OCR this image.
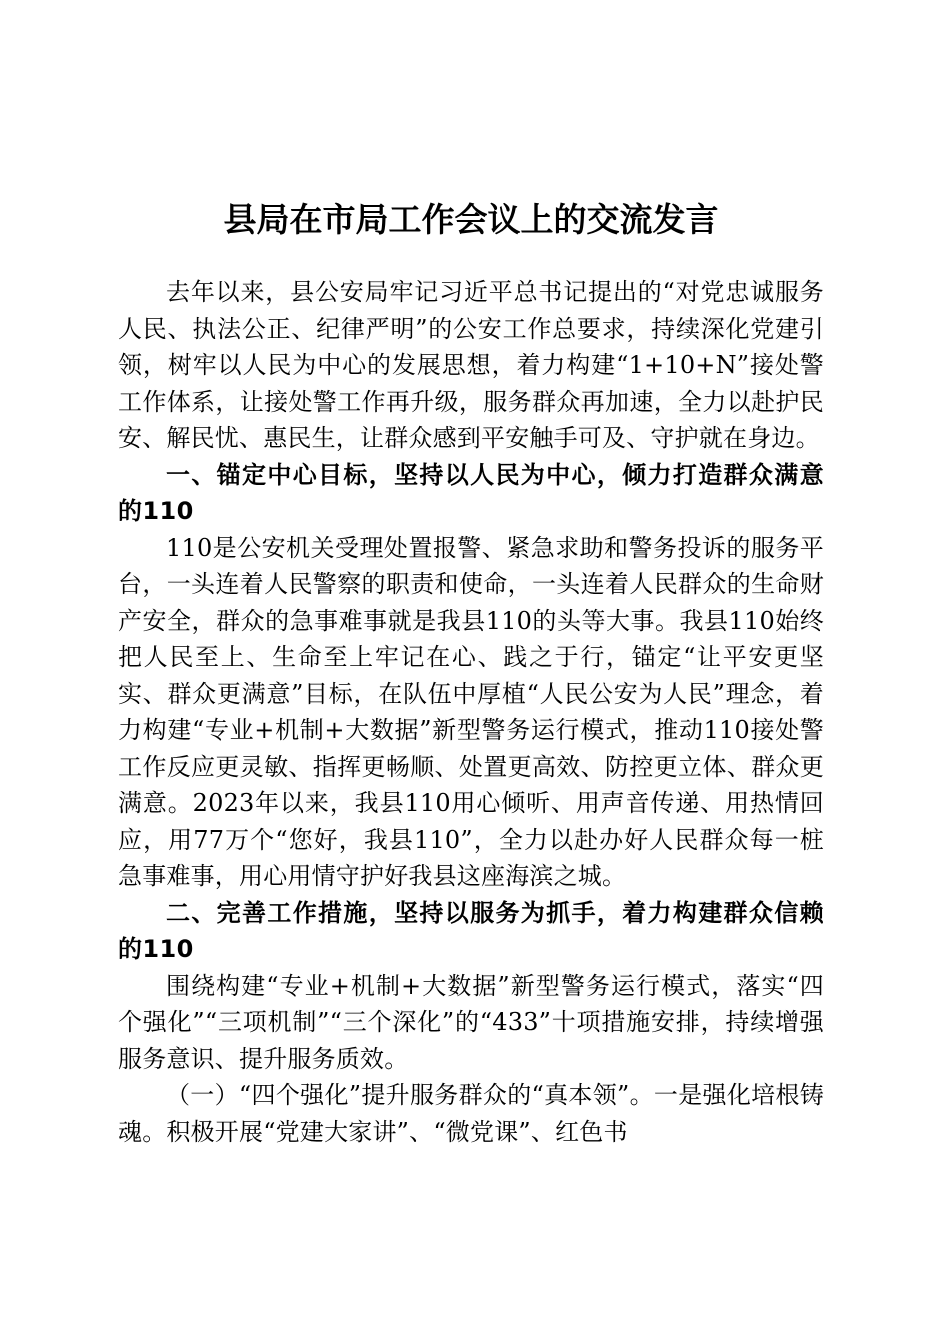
县局在市局工作会议上的交流发言

去年以来，县公安局牢记习近平总书记提出的“对党忠诚服务人民、执法公正、纪律严明”的公安工作总要求，持续深化党建引领，树牢以人民为中心的发展思想，着力构建“1+10+N”接处警工作体系，让接处警工作再升级，服务群众再加速，全力以赴护民安、解民忧、惠民生，让群众感到平安触手可及、守护就在身边。

一、锚定中心目标，坚持以人民为中心，倾力打造群众满意的110

110是公安机关受理处置报警、紧急求助和警务投诉的服务平台，一头连着人民警察的职责和使命，一头连着人民群众的生命财产安全，群众的急事难事就是我县110的头等大事。我县110始终把人民至上、生命至上牢记在心、践之于行，锚定“让平安更坚实、群众更满意”目标，在队伍中厚植“人民公安为人民”理念，着力构建“专业+机制+大数据”新型警务运行模式，推动110接处警工作反应更灵敏、指挥更畅顺、处置更高效、防控更立体、群众更满意。2023年以来，我县110用心倾听、用声音传递、用热情回应，用77万个“您好，我县110”，全力以赴办好人民群众每一桩急事难事，用心用情守护好我县这座海滨之城。

二、完善工作措施，坚持以服务为抓手，着力构建群众信赖的110

围绕构建“专业+机制+大数据”新型警务运行模式，落实“四个强化”“三项机制”“三个深化”的“433”十项措施安排，持续增强服务意识、提升服务质效。

（一）“四个强化”提升服务群众的“真本领”。一是强化培根铸魂。积极开展“党建大家讲”、“微党课”、红色书
